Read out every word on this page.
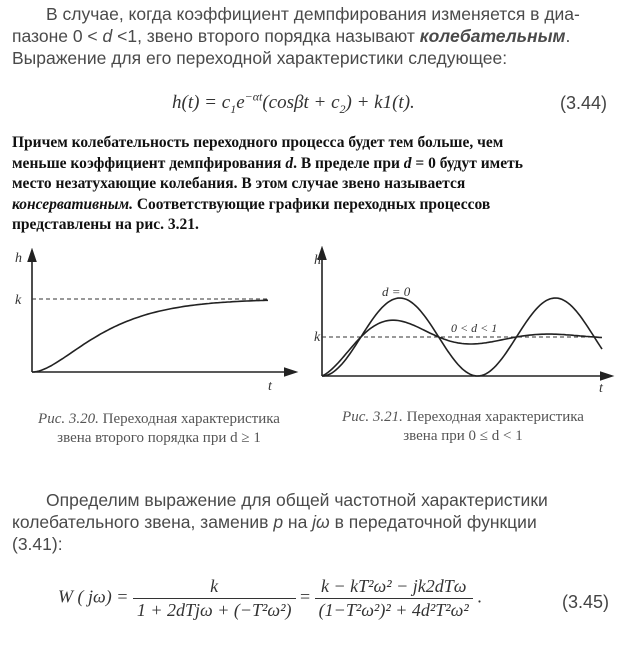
В случае, когда коэффициент демпфирования изменяется в диа-
пазоне 0 < d <1, звено второго порядка называют колебательным.
Выражение для его переходной характеристики следующее:
$h(t) = c_1e^{-\alpha t}(\cos\beta t + c_2) + k1(t)$.	(3.44)
Причем колебательность переходного процесса будет тем больше, чем
меньше коэффициент демпфирования d. В пределе при d = 0 будут иметь
место незатухающие колебания. В этом случае звено называется
консервативным. Соответствующие графики переходных процессов
представлены на рис. 3.21.
h
k
t
Рис. 3.20. Переходная характеристика
звена второго порядка при d ≥ 1
h
k
t
d = 0
0 < d < 1
Рис. 3.21. Переходная характеристика
звена при 0 ≤ d < 1
Определим выражение для общей частотной характеристики
колебательного звена, заменив p на jω в передаточной функции
(3.41):
W ( $j\omega) = \frac{k}{\text{1 + 2dTjω + (−T²ω²)}} = \frac{\text{k − kT²ω² − jk2dTω}}{\text{(1−T²ω²)² + 4d²T²ω²}}$ .	(3.45)
